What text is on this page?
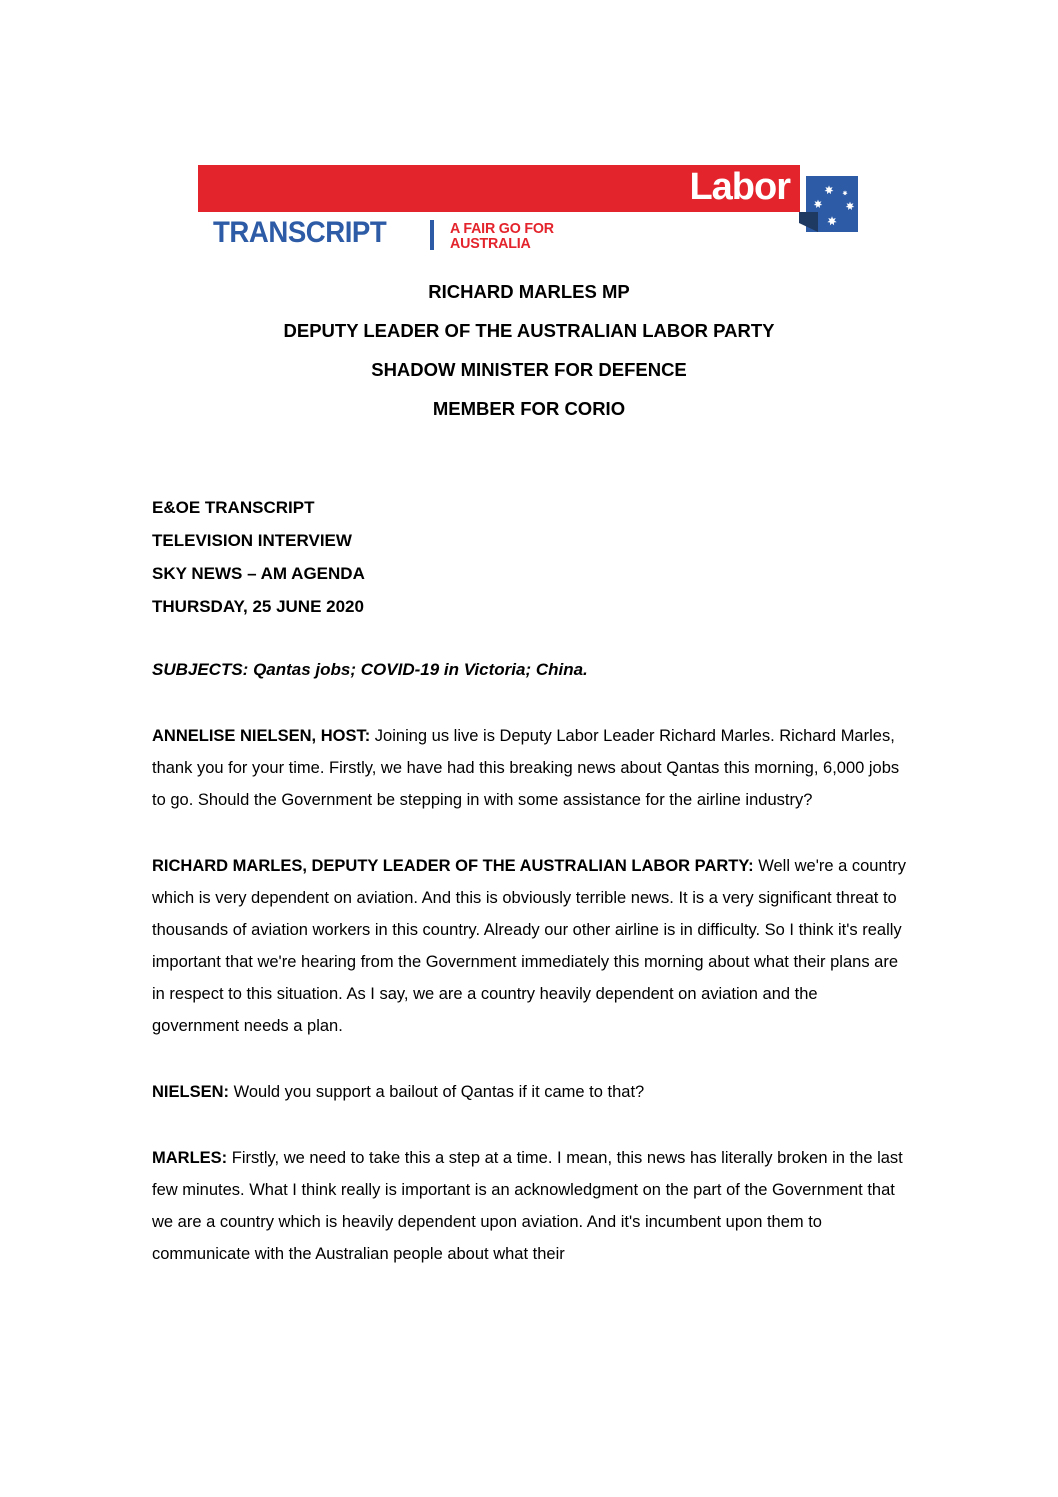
Labor
TRANSCRIPT	A FAIR GO FOR
AUSTRALIA
RICHARD MARLES MP
DEPUTY LEADER OF THE AUSTRALIAN LABOR PARTY
SHADOW MINISTER FOR DEFENCE
MEMBER FOR CORIO
E&OE TRANSCRIPT
TELEVISION INTERVIEW
SKY NEWS – AM AGENDA
THURSDAY, 25 JUNE 2020

SUBJECTS: Qantas jobs; COVID-19 in Victoria; China.

ANNELISE NIELSEN, HOST: Joining us live is Deputy Labor Leader Richard Marles. Richard Marles, thank you for your time. Firstly, we have had this breaking news about Qantas this morning, 6,000 jobs to go. Should the Government be stepping in with some assistance for the airline industry?

RICHARD MARLES, DEPUTY LEADER OF THE AUSTRALIAN LABOR PARTY: Well we're a country which is very dependent on aviation. And this is obviously terrible news. It is a very significant threat to thousands of aviation workers in this country. Already our other airline is in difficulty. So I think it's really important that we're hearing from the Government immediately this morning about what their plans are in respect to this situation. As I say, we are a country heavily dependent on aviation and the government needs a plan.

NIELSEN: Would you support a bailout of Qantas if it came to that?

MARLES: Firstly, we need to take this a step at a time. I mean, this news has literally broken in the last few minutes. What I think really is important is an acknowledgment on the part of the Government that we are a country which is heavily dependent upon aviation. And it's incumbent upon them to communicate with the Australian people about what their
